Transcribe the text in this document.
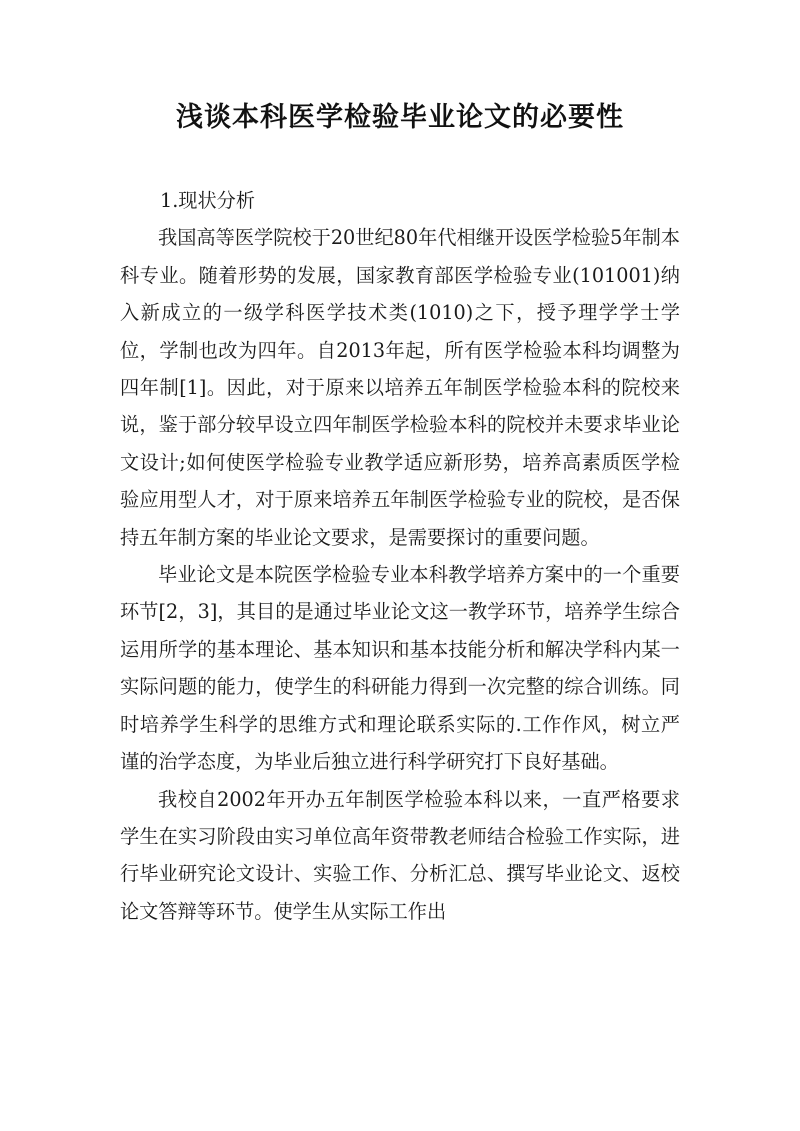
浅谈本科医学检验毕业论文的必要性

1.现状分析

我国高等医学院校于20世纪80年代相继开设医学检验5年制本科专业。随着形势的发展，国家教育部医学检验专业(101001)纳入新成立的一级学科医学技术类(1010)之下，授予理学学士学位，学制也改为四年。自2013年起，所有医学检验本科均调整为四年制[1]。因此，对于原来以培养五年制医学检验本科的院校来说，鉴于部分较早设立四年制医学检验本科的院校并未要求毕业论文设计;如何使医学检验专业教学适应新形势，培养高素质医学检验应用型人才，对于原来培养五年制医学检验专业的院校，是否保持五年制方案的毕业论文要求，是需要探讨的重要问题。

毕业论文是本院医学检验专业本科教学培养方案中的一个重要环节[2，3]，其目的是通过毕业论文这一教学环节，培养学生综合运用所学的基本理论、基本知识和基本技能分析和解决学科内某一实际问题的能力，使学生的科研能力得到一次完整的综合训练。同时培养学生科学的思维方式和理论联系实际的.工作作风，树立严谨的治学态度，为毕业后独立进行科学研究打下良好基础。

我校自2002年开办五年制医学检验本科以来，一直严格要求学生在实习阶段由实习单位高年资带教老师结合检验工作实际，进行毕业研究论文设计、实验工作、分析汇总、撰写毕业论文、返校论文答辩等环节。使学生从实际工作出
